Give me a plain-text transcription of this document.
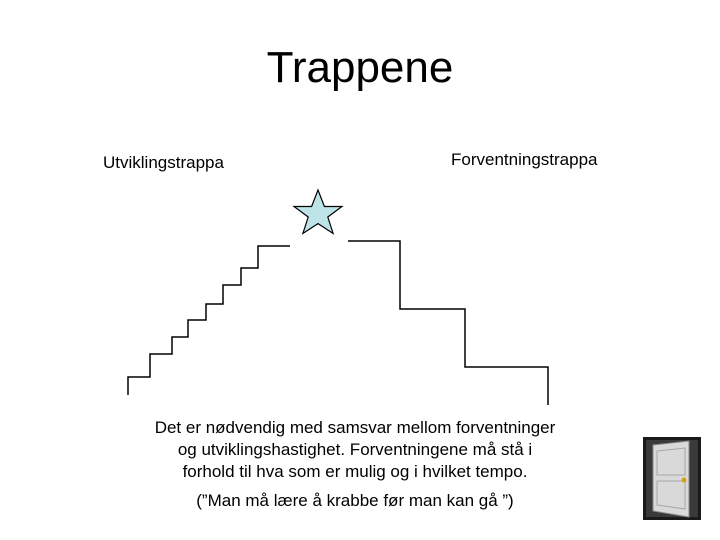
Trappene
Utviklingstrappa	Forventningstrappa
Det er nødvendig med samsvar mellom forventninger
og utviklingshastighet. Forventningene må stå i
forhold til hva som er mulig og i hvilket tempo.
(”Man må lære å krabbe før man kan gå ”)
